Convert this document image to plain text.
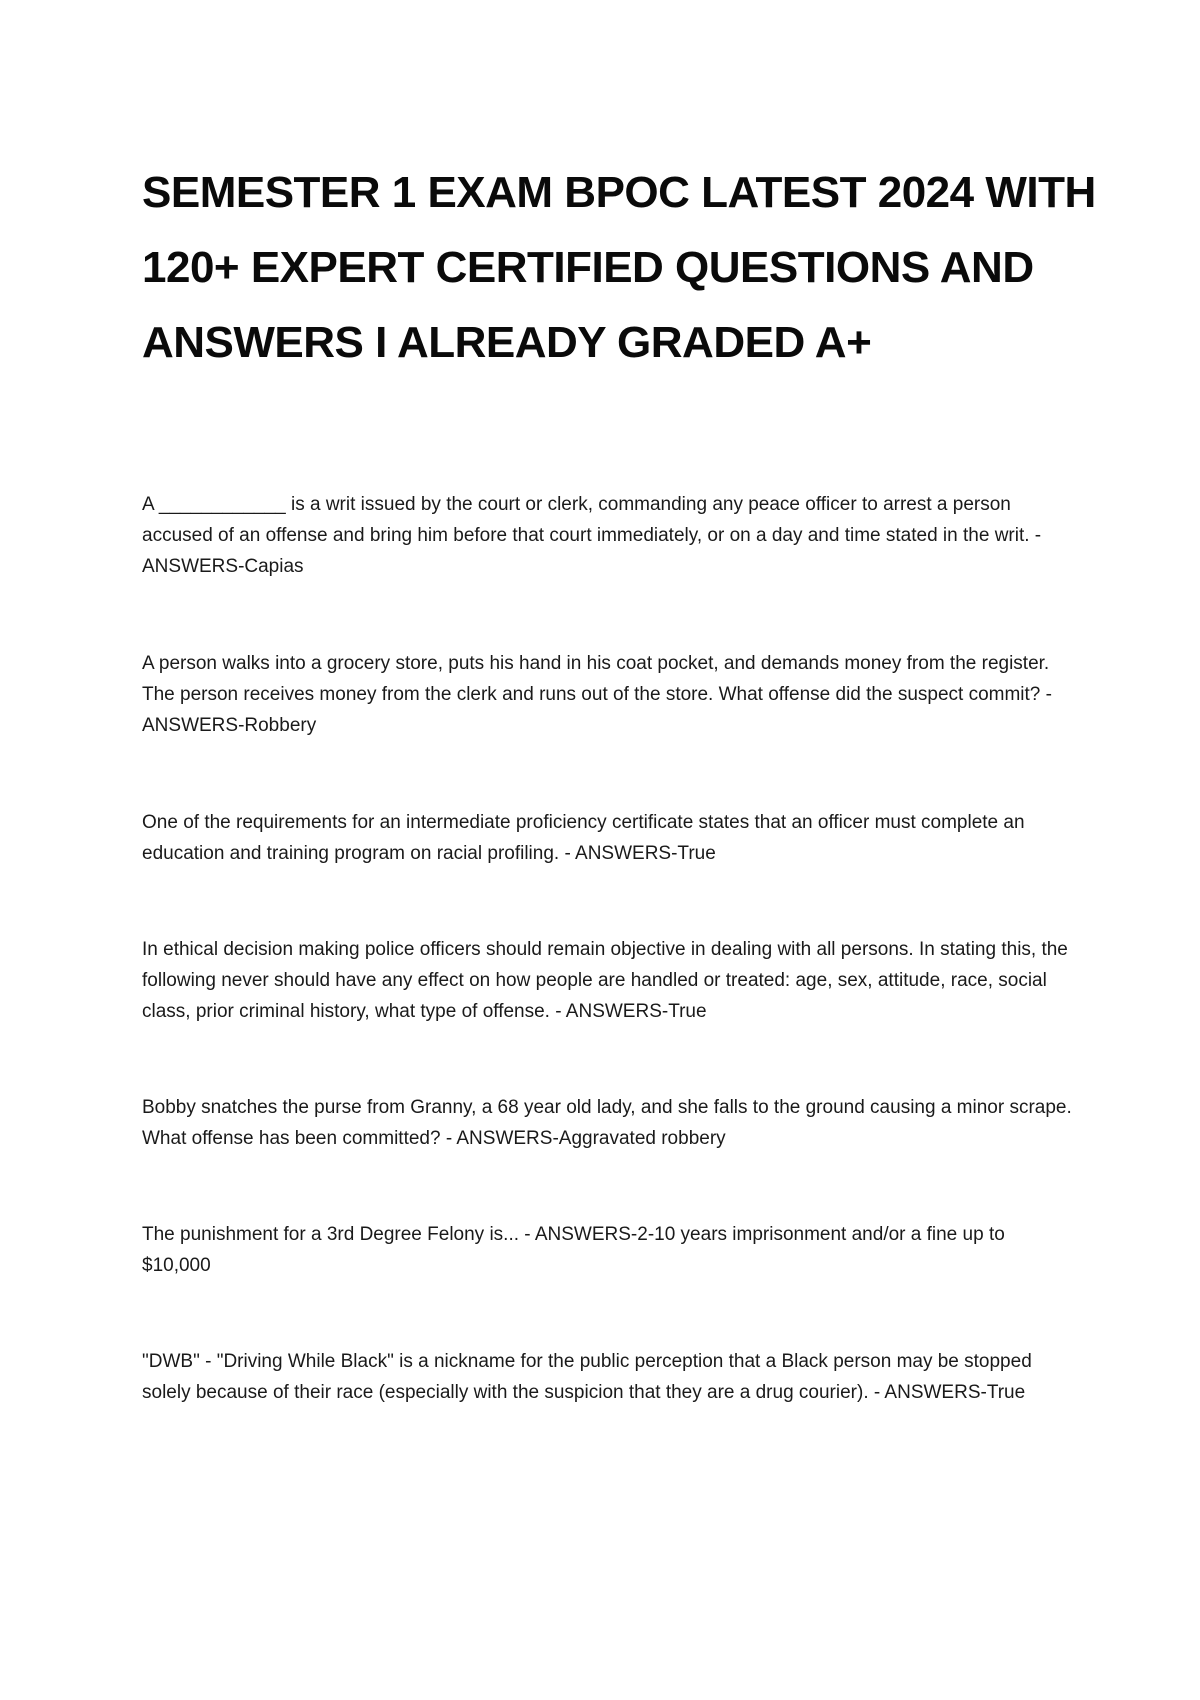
SEMESTER 1 EXAM BPOC LATEST 2024 WITH 120+ EXPERT CERTIFIED QUESTIONS AND ANSWERS I ALREADY GRADED A+

A ____________ is a writ issued by the court or clerk, commanding any peace officer to arrest a person accused of an offense and bring him before that court immediately, or on a day and time stated in the writ. - ANSWERS-Capias

A person walks into a grocery store, puts his hand in his coat pocket, and demands money from the register. The person receives money from the clerk and runs out of the store. What offense did the suspect commit? - ANSWERS-Robbery

One of the requirements for an intermediate proficiency certificate states that an officer must complete an education and training program on racial profiling. - ANSWERS-True

In ethical decision making police officers should remain objective in dealing with all persons. In stating this, the following never should have any effect on how people are handled or treated: age, sex, attitude, race, social class, prior criminal history, what type of offense. - ANSWERS-True

Bobby snatches the purse from Granny, a 68 year old lady, and she falls to the ground causing a minor scrape. What offense has been committed? - ANSWERS-Aggravated robbery

The punishment for a 3rd Degree Felony is... - ANSWERS-2-10 years imprisonment and/or a fine up to $10,000

"DWB" - "Driving While Black" is a nickname for the public perception that a Black person may be stopped solely because of their race (especially with the suspicion that they are a drug courier). - ANSWERS-True
